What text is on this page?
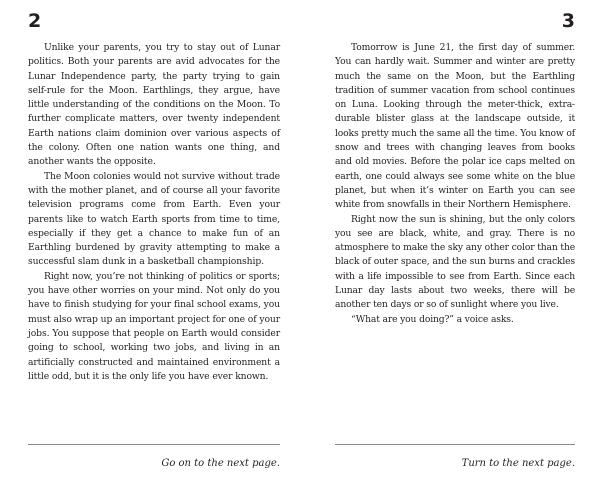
2

Unlike your parents, you try to stay out of Lunar politics. Both your parents are avid advocates for the Lunar Independence party, the party trying to gain self-rule for the Moon. Earthlings, they argue, have little understanding of the conditions on the Moon. To further complicate matters, over twenty independent Earth nations claim dominion over various aspects of the colony. Often one nation wants one thing, and another wants the opposite.

The Moon colonies would not survive without trade with the mother planet, and of course all your favorite television programs come from Earth. Even your parents like to watch Earth sports from time to time, especially if they get a chance to make fun of an Earthling burdened by gravity attempting to make a successful slam dunk in a basketball championship.

Right now, you’re not thinking of politics or sports; you have other worries on your mind. Not only do you have to finish studying for your final school exams, you must also wrap up an important project for one of your jobs. You suppose that people on Earth would consider going to school, working two jobs, and living in an artificially constructed and maintained environment a little odd, but it is the only life you have ever known.

Go on to the next page.
3

Tomorrow is June 21, the first day of summer. You can hardly wait. Summer and winter are pretty much the same on the Moon, but the Earthling tradition of summer vacation from school continues on Luna. Looking through the meter-thick, extra-durable blister glass at the landscape outside, it looks pretty much the same all the time. You know of snow and trees with changing leaves from books and old movies. Before the polar ice caps melted on earth, one could always see some white on the blue planet, but when it’s winter on Earth you can see white from snowfalls in their Northern Hemisphere.

Right now the sun is shining, but the only colors you see are black, white, and gray. There is no atmosphere to make the sky any other color than the black of outer space, and the sun burns and crackles with a life impossible to see from Earth. Since each Lunar day lasts about two weeks, there will be another ten days or so of sunlight where you live.

“What are you doing?” a voice asks.

Turn to the next page.
